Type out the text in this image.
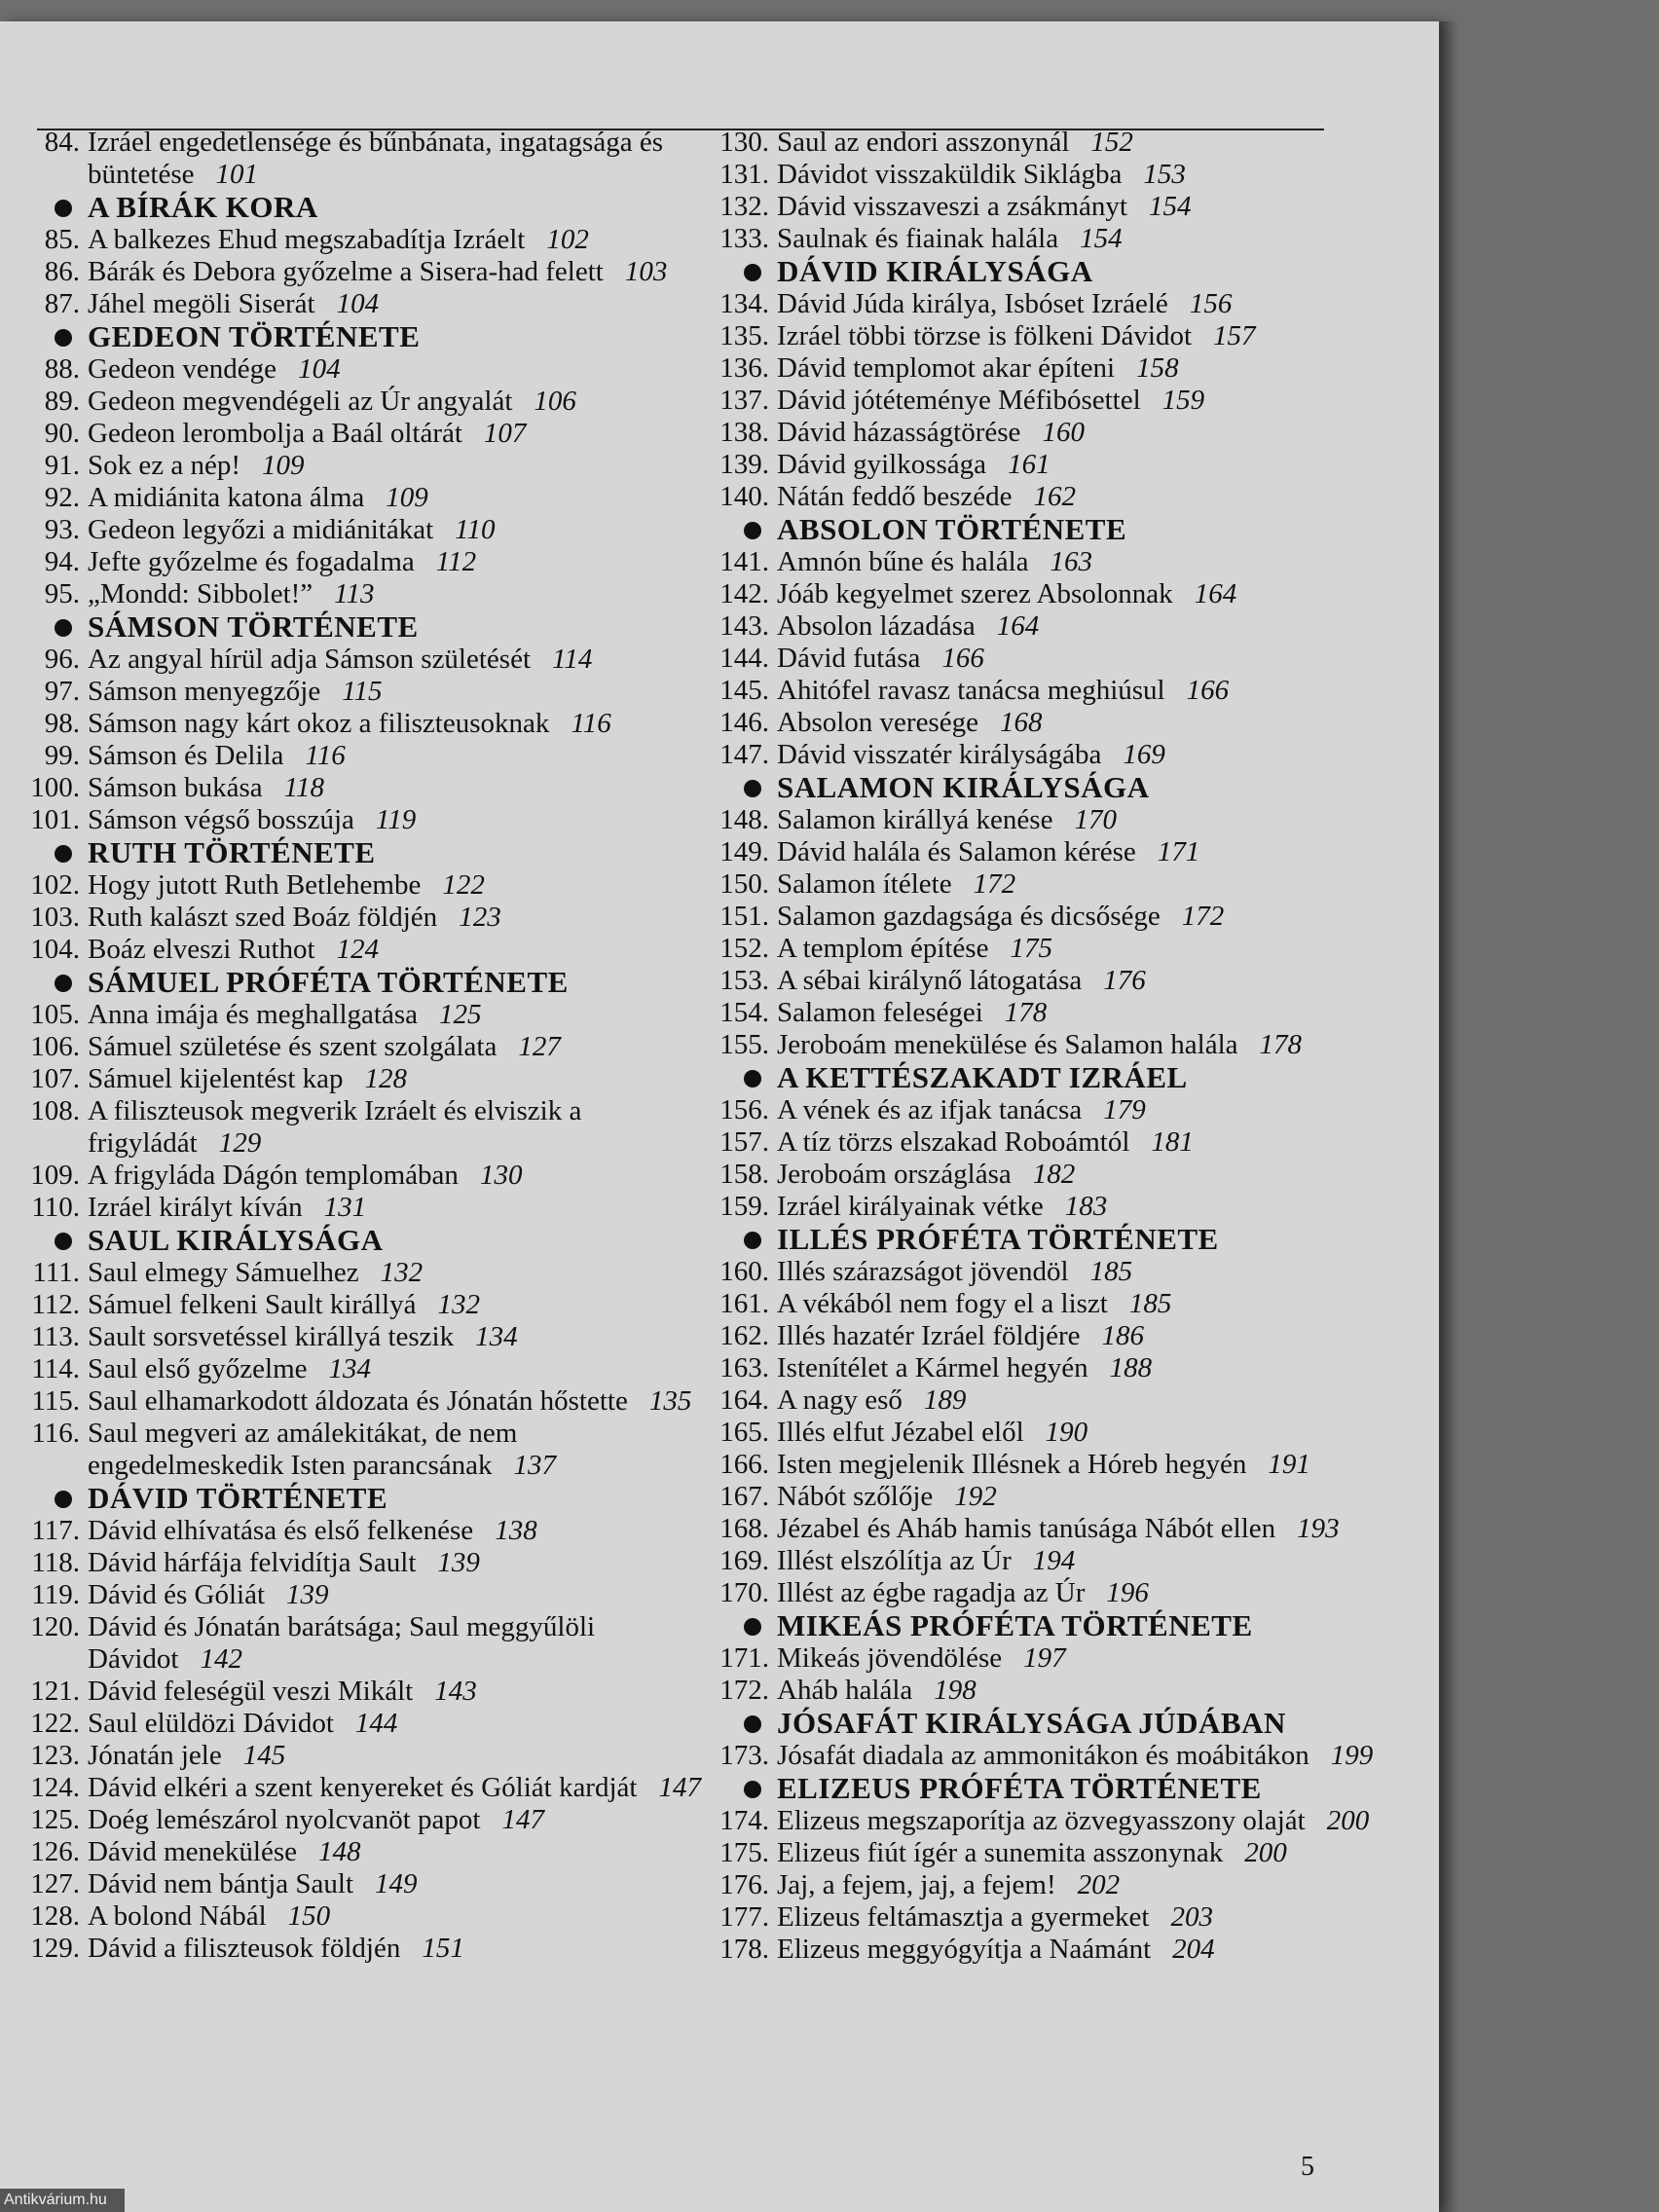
84. Izráel engedetlensége és bűnbánata, ingatagsága és büntetése 101
A BÍRÁK KORA
85. A balkezes Ehud megszabadítja Izráelt 102
86. Bárák és Debora győzelme a Sisera-had felett 103
87. Jáhel megöli Siserát 104
GEDEON TÖRTÉNETE
88. Gedeon vendége 104
89. Gedeon megvendégeli az Úr angyalát 106
90. Gedeon lerombolja a Baál oltárát 107
91. Sok ez a nép! 109
92. A midiánita katona álma 109
93. Gedeon legyőzi a midiánitákat 110
94. Jefte győzelme és fogadalma 112
95. „Mondd: Sibbolet!” 113
SÁMSON TÖRTÉNETE
96. Az angyal hírül adja Sámson születését 114
97. Sámson menyegzője 115
98. Sámson nagy kárt okoz a filiszteusoknak 116
99. Sámson és Delila 116
100. Sámson bukása 118
101. Sámson végső bosszúja 119
RUTH TÖRTÉNETE
102. Hogy jutott Ruth Betlehembe 122
103. Ruth kalászt szed Boáz földjén 123
104. Boáz elveszi Ruthot 124
SÁMUEL PRÓFÉTA TÖRTÉNETE
105. Anna imája és meghallgatása 125
106. Sámuel születése és szent szolgálata 127
107. Sámuel kijelentést kap 128
108. A filiszteusok megverik Izráelt és elviszik a frigyládát 129
109. A frigyláda Dágón templomában 130
110. Izráel királyt kíván 131
SAUL KIRÁLYSÁGA
111. Saul elmegy Sámuelhez 132
112. Sámuel felkeni Sault királlyá 132
113. Sault sorsvetéssel királlyá teszik 134
114. Saul első győzelme 134
115. Saul elhamarkodott áldozata és Jónatán hőstette 135
116. Saul megveri az amálekitákat, de nem engedelmeskedik Isten parancsának 137
DÁVID TÖRTÉNETE
117. Dávid elhívatása és első felkenése 138
118. Dávid hárfája felvidítja Sault 139
119. Dávid és Góliát 139
120. Dávid és Jónatán barátsága; Saul meggyűlöli Dávidot 142
121. Dávid feleségül veszi Mikált 143
122. Saul elüldözi Dávidot 144
123. Jónatán jele 145
124. Dávid elkéri a szent kenyereket és Góliát kardját 147
125. Doég lemészárol nyolcvanöt papot 147
126. Dávid menekülése 148
127. Dávid nem bántja Sault 149
128. A bolond Nábál 150
129. Dávid a filiszteusok földjén 151
130. Saul az endori asszonynál 152
131. Dávidot visszaküldik Siklágba 153
132. Dávid visszaveszi a zsákmányt 154
133. Saulnak és fiainak halála 154
DÁVID KIRÁLYSÁGA
134. Dávid Júda királya, Isbóset Izráelé 156
135. Izráel többi törzse is fölkeni Dávidot 157
136. Dávid templomot akar építeni 158
137. Dávid jótéteménye Méfibósettel 159
138. Dávid házasságtörése 160
139. Dávid gyilkossága 161
140. Nátán feddő beszéde 162
ABSOLON TÖRTÉNETE
141. Amnón bűne és halála 163
142. Jóáb kegyelmet szerez Absolonnak 164
143. Absolon lázadása 164
144. Dávid futása 166
145. Ahitófel ravasz tanácsa meghiúsul 166
146. Absolon veresége 168
147. Dávid visszatér királyságába 169
SALAMON KIRÁLYSÁGA
148. Salamon királlyá kenése 170
149. Dávid halála és Salamon kérése 171
150. Salamon ítélete 172
151. Salamon gazdagsága és dicsősége 172
152. A templom építése 175
153. A sébai királynő látogatása 176
154. Salamon feleségei 178
155. Jeroboám menekülése és Salamon halála 178
A KETTÉSZAKADT IZRÁEL
156. A vének és az ifjak tanácsa 179
157. A tíz törzs elszakad Roboámtól 181
158. Jeroboám országlása 182
159. Izráel királyainak vétke 183
ILLÉS PRÓFÉTA TÖRTÉNETE
160. Illés szárazságot jövendöl 185
161. A vékából nem fogy el a liszt 185
162. Illés hazatér Izráel földjére 186
163. Istenítélet a Kármel hegyén 188
164. A nagy eső 189
165. Illés elfut Jézabel elől 190
166. Isten megjelenik Illésnek a Hóreb hegyén 191
167. Nábót szőlője 192
168. Jézabel és Aháb hamis tanúsága Nábót ellen 193
169. Illést elszólítja az Úr 194
170. Illést az égbe ragadja az Úr 196
MIKEÁS PRÓFÉTA TÖRTÉNETE
171. Mikeás jövendölése 197
172. Aháb halála 198
JÓSAFÁT KIRÁLYSÁGA JÚDÁBAN
173. Jósafát diadala az ammonitákon és moábitákon 199
ELIZEUS PRÓFÉTA TÖRTÉNETE
174. Elizeus megszaporítja az özvegyasszony olaját 200
175. Elizeus fiút ígér a sunemita asszonynak 200
176. Jaj, a fejem, jaj, a fejem! 202
177. Elizeus feltámasztja a gyermeket 203
178. Elizeus meggyógyítja a Naámánt 204
5
Antikvárium.hu
